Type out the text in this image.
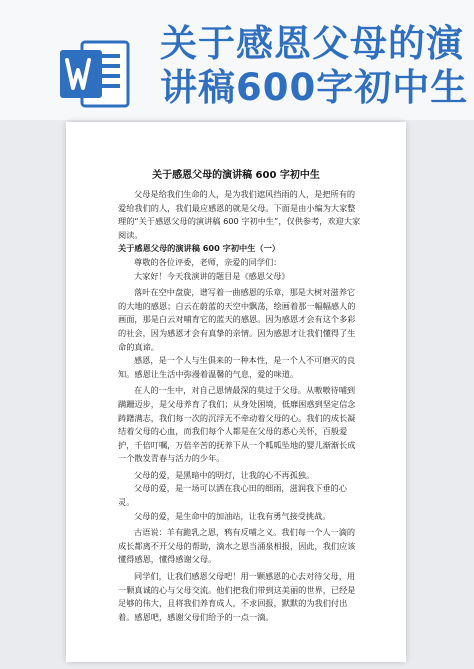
关于感恩父母的演
讲稿600字初中生
关于感恩父母的演讲稿 600 字初中生

父母是给我们生命的人，是为我们遮风挡雨的人，是把所有的爱给我们的人，我们最应感恩的就是父母。下面是由小编为大家整理的“关于感恩父母的演讲稿 600 字初中生”，仅供参考，欢迎大家阅读。

关于感恩父母的演讲稿 600 字初中生（一）

尊敬的各位评委，老师，亲爱的同学们：

大家好！今天我演讲的题目是《感恩父母》

落叶在空中盘旋，谱写着一曲感恩的乐章，那是大树对滋养它的大地的感恩；白云在蔚蓝的天空中飘荡，绘画着那一幅幅感人的画面，那是白云对哺育它的蓝天的感恩。因为感恩才会有这个多彩的社会，因为感恩才会有真挚的亲情。因为感恩才让我们懂得了生命的真谛。

感恩，是一个人与生俱来的一种本性，是一个人不可磨灭的良知。感恩让生活中弥漫着温馨的气息，爱的味道。

在人的一生中，对自己恩情最深的莫过于父母。从嗷嗷待哺到蹒跚迈步，是父母养育了我们；从身处困境，低靡困惑到坚定信念踌躇满志，我们每一次的沉浮无不牵动着父母的心。我们的成长凝结着父母的心血，而我们每个人都是在父母的悉心关怀，百般爱护，千倍叮嘱，万倍辛苦的抚养下从一个呱呱坠地的婴儿渐渐长成一个散发青春与活力的少年。

父母的爱，是黑暗中的明灯，让我的心不再孤独。

父母的爱，是一场可以洒在我心田的细雨，滋润我下垂的心灵。

父母的爱，是生命中的加油站，让我有勇气接受挑战。

古语说：羊有跪乳之恩，鸦有反哺之义。我们每一个人一滴的成长都离不开父母的帮助，滴水之恩当涌泉相报，因此，我们应该懂得感恩，懂得感谢父母。

同学们，让我们感恩父母吧！用一颗感恩的心去对待父母，用一颗真诚的心与父母交流。他们把我们带到这美丽的世界，已经是足够的伟大，且将我们养育成人，不求回报，默默的为我们付出着。感恩吧，感谢父母们给予的一点一滴。
